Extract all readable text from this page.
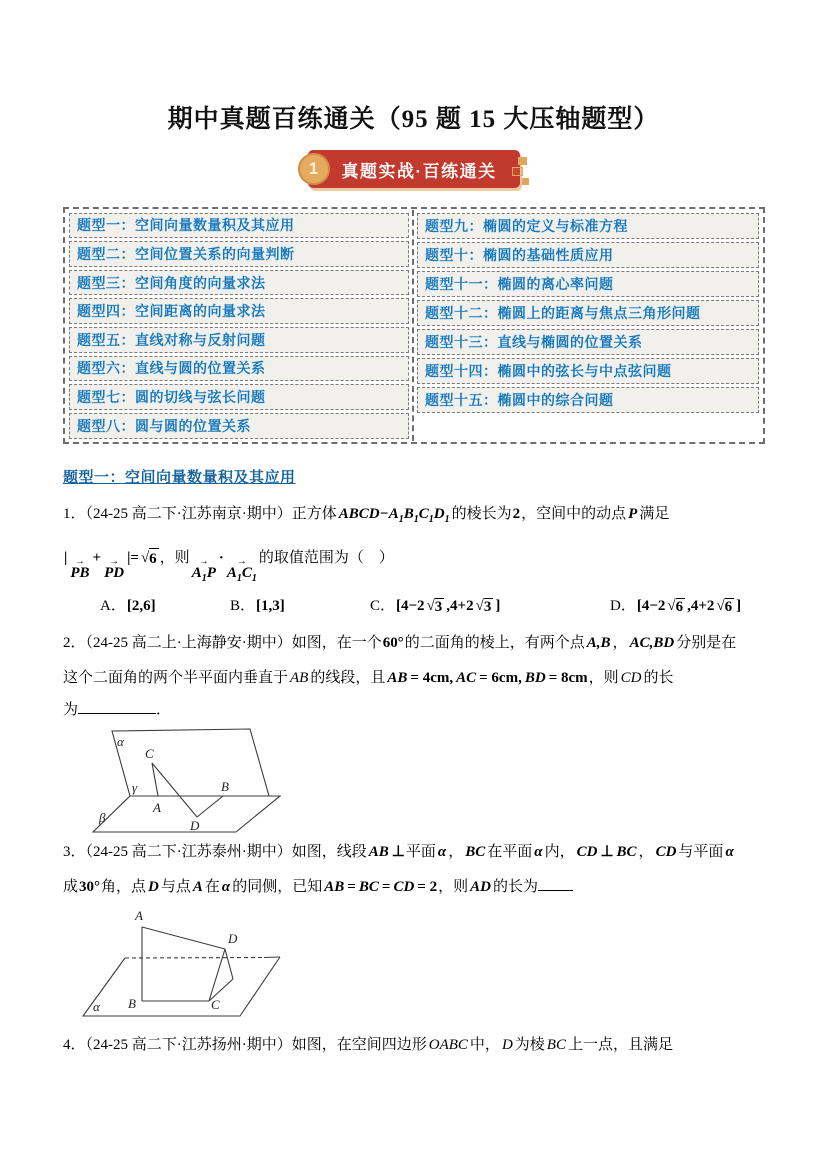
期中真题百练通关（95 题 15 大压轴题型）
1	真题实战·百练通关
题型一：空间向量数量积及其应用
题型二：空间位置关系的向量判断
题型三：空间角度的向量求法
题型四：空间距离的向量求法
题型五：直线对称与反射问题
题型六：直线与圆的位置关系
题型七：圆的切线与弦长问题
题型八：圆与圆的位置关系
题型九：椭圆的定义与标准方程
题型十：椭圆的基础性质应用
题型十一：椭圆的离心率问题
题型十二：椭圆上的距离与焦点三角形问题
题型十三：直线与椭圆的位置关系
题型十四：椭圆中的弦长与中点弦问题
题型十五：椭圆中的综合问题
题型一：空间向量数量积及其应用

1．（24-25 高二下·江苏南京·期中）正方体 $ABCD-A_1B_1C_1D_1$ 的棱长为2，空间中的动点 P 满足

| →
PB
+ →
PD
|= √ 6 ，则 →
$A_1P$
· →
$A_1C_1$
的取值范围为（　）

A．[2,6]	B．[1,3]	C．[4−2 √ 3 ,4+2 √ 3 ]	D．[4−2 √ 6 ,4+2 √ 6 ]

2．（24-25 高二上·上海静安·期中）如图，在一个60°的二面角的棱上，有两个点 A,B ， AC,BD 分别是在

这个二面角的两个半平面内垂直于 AB 的线段，且 AB = 4cm, AC = 6cm, BD = 8cm，则 CD 的长

为	．

α
C
γ	B
A
D
β

3．（24-25 高二下·江苏泰州·期中）如图，线段 AB ⊥平面 α ， BC 在平面 α 内， CD ⊥ BC ， CD 与平面 α

成30°角，点 D 与点 A 在 α 的同侧，已知 AB = BC = CD = 2，则 AD 的长为

A
D
B	C
α

4．（24-25 高二下·江苏扬州·期中）如图，在空间四边形 OABC 中， D 为棱 BC 上一点，且满足
